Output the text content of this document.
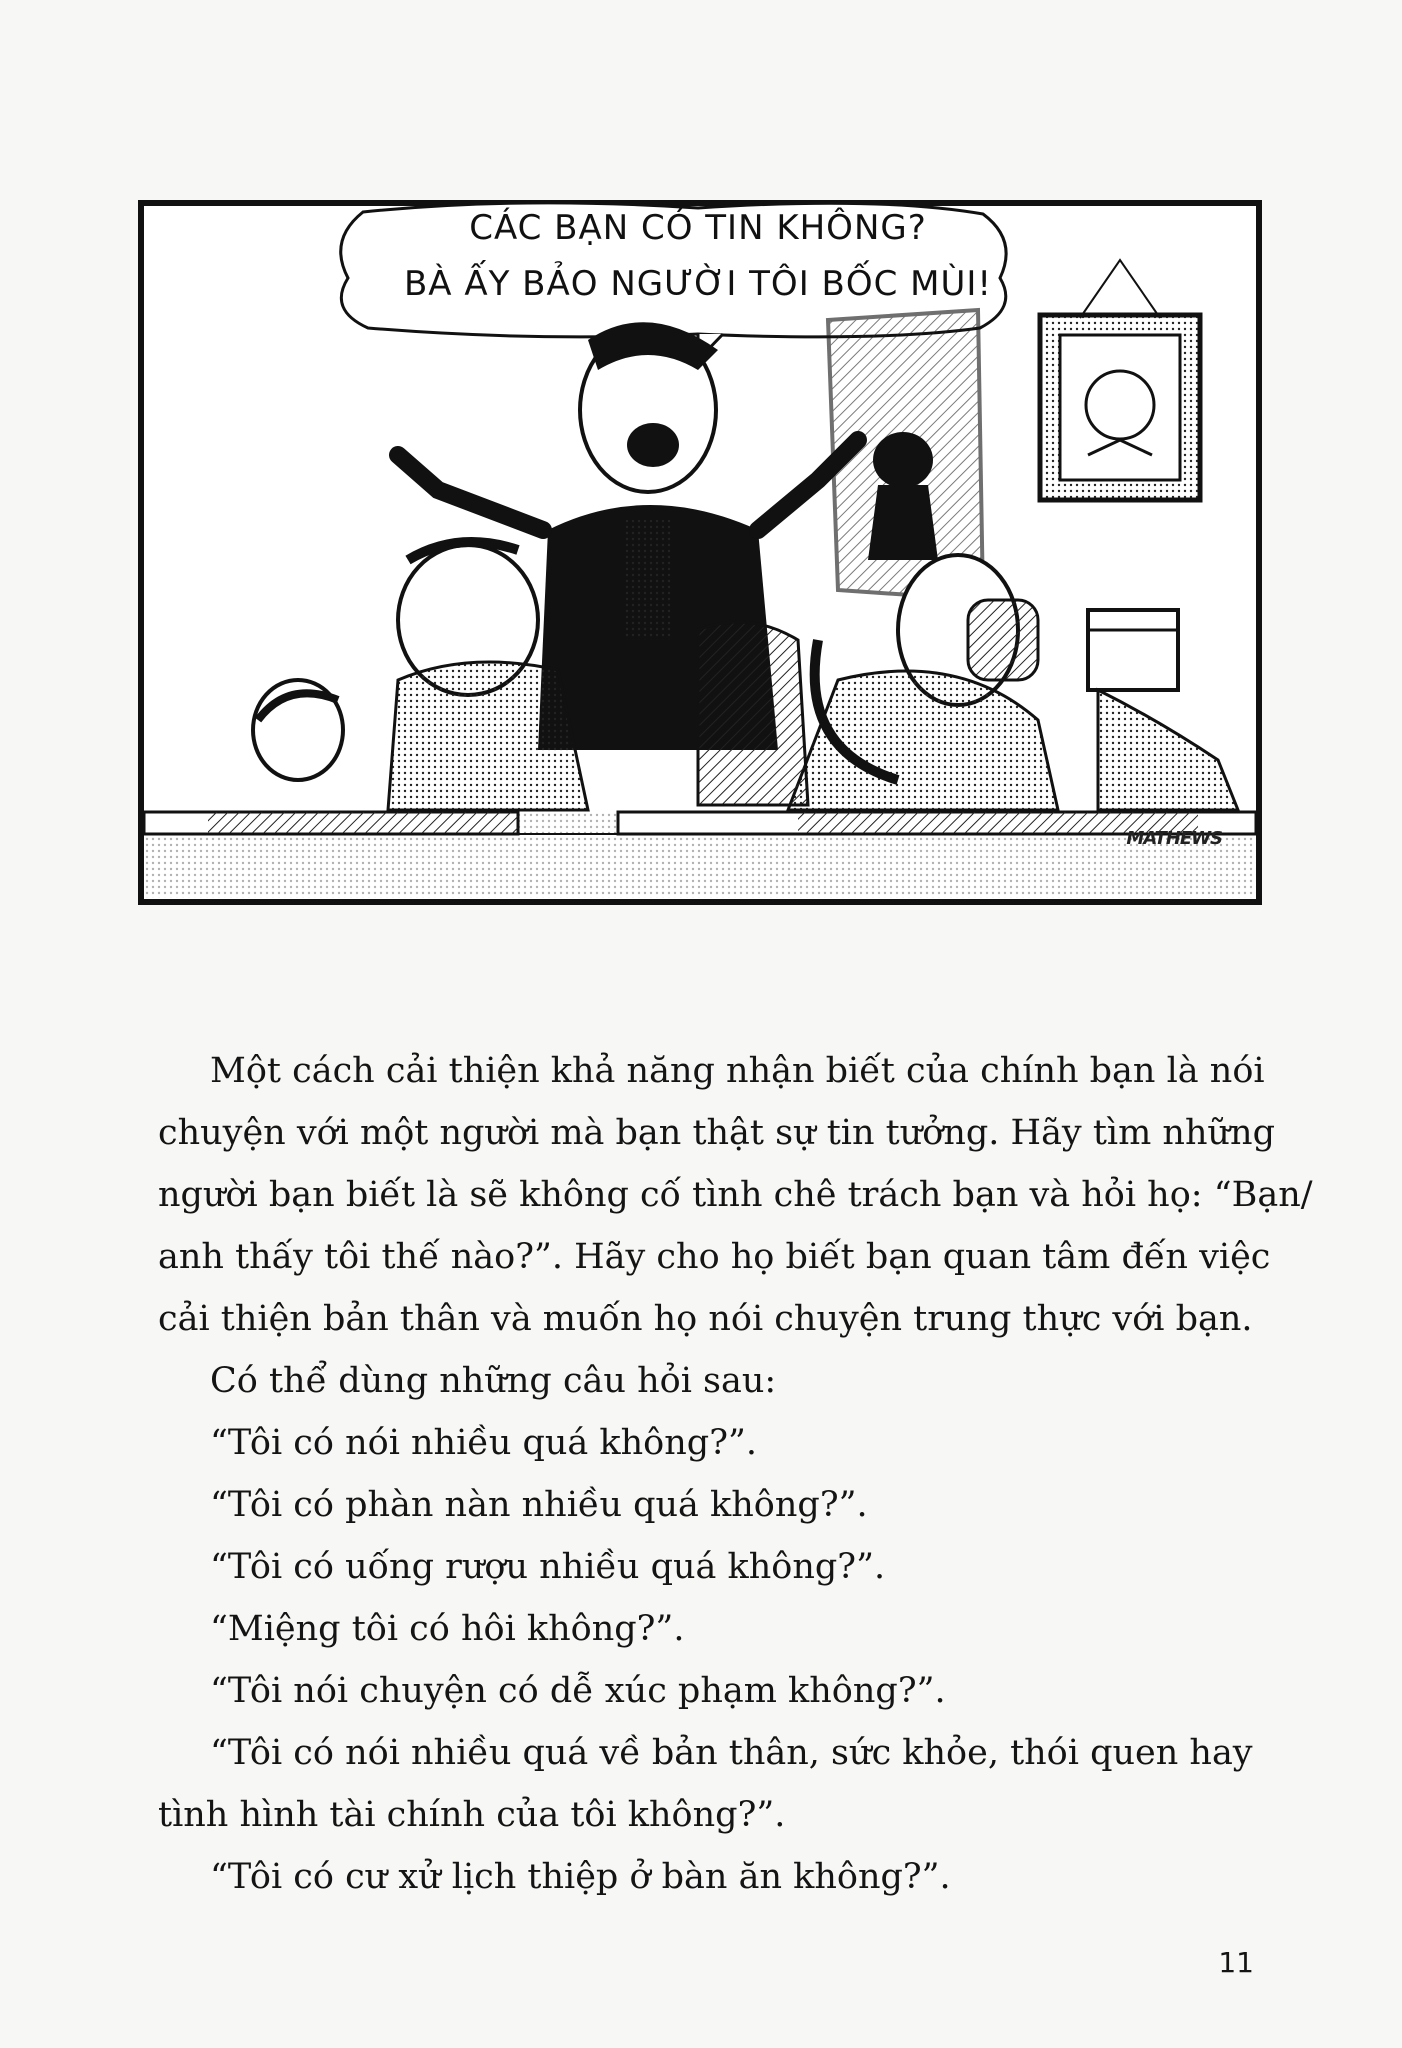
CÁC BẠN CÓ TIN KHÔNG?
BÀ ẤY BẢO NGƯỜI TÔI BỐC MÙI!
MATHEWS

Một cách cải thiện khả năng nhận biết của chính bạn là nói

chuyện với một người mà bạn thật sự tin tưởng. Hãy tìm những

người bạn biết là sẽ không cố tình chê trách bạn và hỏi họ: “Bạn/

anh thấy tôi thế nào?”. Hãy cho họ biết bạn quan tâm đến việc

cải thiện bản thân và muốn họ nói chuyện trung thực với bạn.

Có thể dùng những câu hỏi sau:

“Tôi có nói nhiều quá không?”.

“Tôi có phàn nàn nhiều quá không?”.

“Tôi có uống rượu nhiều quá không?”.

“Miệng tôi có hôi không?”.

“Tôi nói chuyện có dễ xúc phạm không?”.

“Tôi có nói nhiều quá về bản thân, sức khỏe, thói quen hay

tình hình tài chính của tôi không?”.

“Tôi có cư xử lịch thiệp ở bàn ăn không?”.

11
